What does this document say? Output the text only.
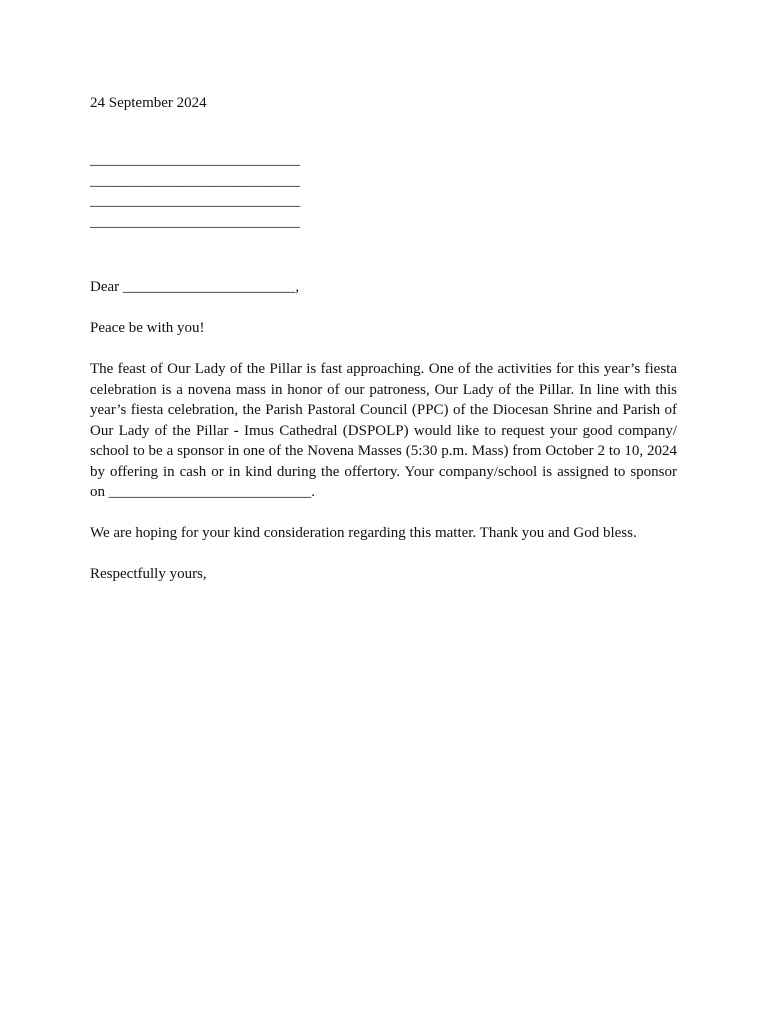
24 September 2024
____________________________
____________________________
____________________________
____________________________
Dear _______________________,
Peace be with you!
The feast of Our Lady of the Pillar is fast approaching. One of the activities for this year’s fiesta celebration is a novena mass in honor of our patroness, Our Lady of the Pillar. In line with this year’s fiesta celebration, the Parish Pastoral Council (PPC) of the Diocesan Shrine and Parish of Our Lady of the Pillar - Imus Cathedral (DSPOLP) would like to request your good company/ school to be a sponsor in one of the Novena Masses (5:30 p.m. Mass) from October 2 to 10, 2024 by offering in cash or in kind during the offertory. Your company/school is assigned to sponsor on ___________________________.
We are hoping for your kind consideration regarding this matter. Thank you and God bless.
Respectfully yours,
